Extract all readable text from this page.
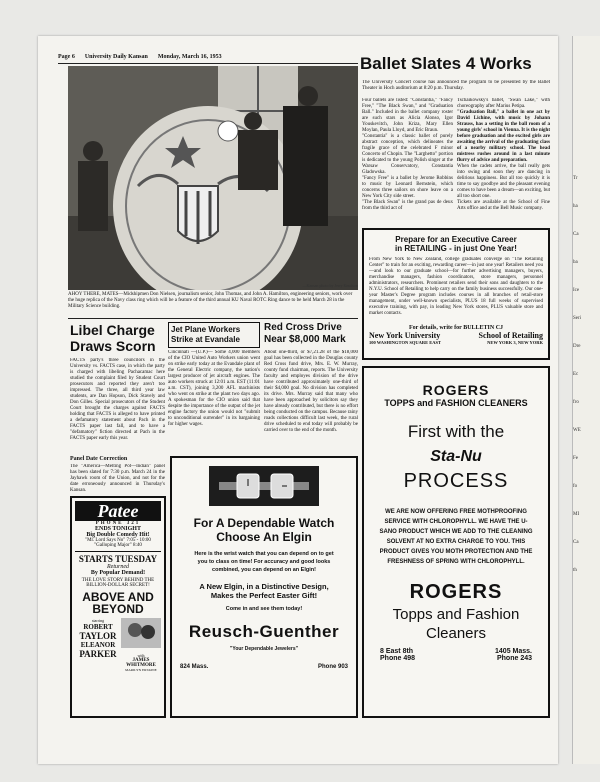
Tr
ha
Ca
ba
Ice
Seri
Dre
Ec
fro
WE
Fe
fo
MI
Ca
th
Page 6 University Daily Kansan Monday, March 16, 1953
—Kansan photo by Jerry Knudson
AHOY THERE, MATES—Midshipmen Don Nielsen, journalism senior, John Thomas, and John A. Hamilton, engineering seniors, work over the huge replica of the Navy class ring which will be a feature of the third annual KU Naval ROTC Ring dance to be held March 28 in the Military Science building.
Ballet Slates 4 Works
The University Concert course has announced the program to be presented by the Ballet Theater in Hoch auditorium at 8:20 p.m. Thursday.
Four ballets are listed: "Constantia," "Fancy Free," "The Black Swan," and "Graduation Ball." Included in the ballet company roster are such stars as Alicia Alonso, Igor Youskevitch, John Kriza, Mary Ellen Moylan, Paula Lloyd, and Eric Braun.
"Constantia" is a classic ballet of purely abstract conception, which delineates the fragile grace of the celebrated F minor Concerto of Chopin. The "Larghetto" portion is dedicated to the young Polish singer at the Warsaw Conservatory, Constantia Gladowska.
"Fancy Free" is a ballet by Jerome Robbins to music by Leonard Bernstein, which concerns three sailors on shore leave on a New York City side street.
"The Black Swan" is the grand pas de deux from the third act of
Tschaikowsky's ballet, "Swan Lake," with choreography after Marius Petipa.
"Graduation Ball," a ballet in one act by David Lichine, with music by Johann Strauss, has a setting in the ball room of a young girls' school in Vienna. It is the night before graduation and the excited girls are awaiting the arrival of the graduating class of a nearby military school. The head mistress rushes around in a last minute flurry of advice and preparation.
When the cadets arrive, the ball really gets into swing and soon they are dancing in delirious happiness. But all too quickly it is time to say goodbye and the pleasant evening comes to have been a dream—an exciting, but all too short one.
Tickets are available at the School of Fine Arts office and at the Bell Music company.
Prepare for an Executive Career
in RETAILING - in just One Year!
From New York to New Zealand, college graduates converge on "The Retailing Center" to train for an exciting, rewarding career—in just one year! Retailers need you—and look to our graduate school—for further advertising managers, buyers, merchandise managers, fashion coordinators, store managers, personnel administrators, researchers. Prominent retailers send their sons and daughters to the N.Y.U. School of Retailing to help carry on the family business successfully. Our one-year Master's Degree program includes courses in all branches of retail-store management, under well-known specialists, PLUS 18 full weeks of supervised executive training, with pay, in leading New York stores, PLUS valuable store and market contacts.
For details, write for BULLETIN CJ
New York University	School of Retailing
100 WASHINGTON SQUARE EAST	NEW YORK 3, NEW YORK
Libel Charge Draws Scorn
FACTS party's three councilors in the University vs. FACTS case, in which the party is charged with libeling Pachacamac here studied the complaint filed by Student Court prosecutors and reported they aren't too impressed. The three, all third year law students, are Dan Hopson, Dick Stavely and Don Gilles. Special prosecutors of the Student Court brought the charges against FACTS holding that FACTS is alleged to have printed a defamatory statement about Pach in the FACTS paper last fall, and to have a "defamatory" fiction directed at Pach in the FACTS paper early this year.
Panel Date Correction
The "America—Melting Pot—Indian" panel has been slated for 7:30 p.m. March 24 in the Jayhawk room of the Union, and not for the date erroneously announced in Thursday's Kansan.
Jet Plane Workers Strike at Evandale
Cincinnati —(U.P.)— Some 4,000 members of the CIO United Auto Workers union went on strike early today at the Evandale plant of the General Electric company, the nation's largest producer of jet aircraft engines. The auto workers struck at 12:01 a.m. EST (11:01 a.m. CST), joining 3,200 AFL machinists who went on strike at the plant two days ago. A spokesman for the CIO union said that despite the importance of the output of the jet engine factory the union would not "submit to unconditional surrender" in its bargaining for higher wages.
Red Cross Drive Near $8,000 Mark
About one-third, or $7,21.28 of the $18,000 goal has been collected in the Douglas county Red Cross fund drive, Mrs. E. W. Murray, county fund chairman, reports. The University faculty and employes division of the drive have contributed approximately one-third of their $4,000 goal. No division has completed its drive. Mrs. Murray said that many who have been approached by solicitors say they have already contributed, but there is no effort being conducted on the campus. Because rainy roads collections difficult last week, the rural drive scheduled to end today will probably be carried over to the end of the month.
Patee
PHONE 321
ENDS TONIGHT
Big Double Comedy Hit!
"Mr. Lord Says No" 7:05 - 10:00
"Galloping Major" 8:40
STARTS TUESDAY
Returned
By Popular Demand!
THE LOVE STORY BEHIND THE BILLION-DOLLAR SECRET!
ABOVE AND
BEYOND
starring
ROBERT
TAYLOR
ELEANOR
PARKER	with
JAMES
WHITMORE
MARILYN ERSKINE
For A Dependable Watch
Choose An Elgin
Here is the wrist watch that you can depend on to get you to class on time! For accuracy and good looks combined, you can depend on an Elgin!
A New Elgin, in a Distinctive Design,
Makes the Perfect Easter Gift!
Come in and see them today!
Reusch-Guenther
"Your Dependable Jewelers"
824 Mass.	Phone 903
ROGERS
TOPPS and FASHION CLEANERS
First with the
Sta-Nu
PROCESS
WE ARE NOW OFFERING FREE MOTHPROOFING SERVICE WITH CHLOROPHYLL. WE HAVE THE U-SANO PRODUCT WHICH WE ADD TO THE CLEANING SOLVENT AT NO EXTRA CHARGE TO YOU. THIS PRODUCT GIVES YOU MOTH PROTECTION AND THE FRESHNESS OF SPRING WITH CHLOROPHYLL.
ROGERS
Topps and Fashion
Cleaners
8 East 8th
Phone 498
1405 Mass.
Phone 243
